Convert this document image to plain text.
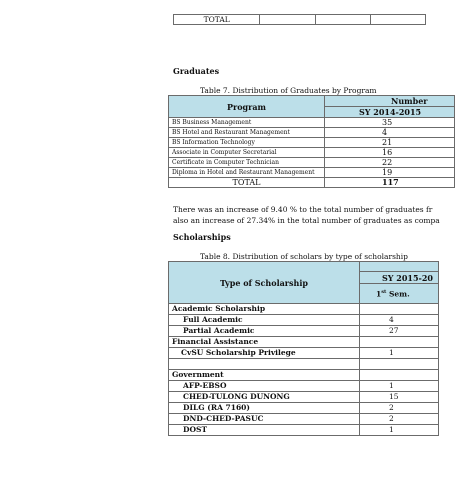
TOTAL			
Graduates
Table 7. Distribution of Graduates by Program
Program	Number
	SY 2014-2015
BS Business Management	35
BS Hotel and Restaurant Management	4
BS Information Technology	21
Associate in Computer Secretarial	16
Certificate in Computer Technician	22
Diploma in Hotel and Restaurant Management	19
TOTAL	117
There was an increase of 9.40 % to the total number of graduates fr
also an increase of 27.34% in the total number of graduates as compa
Scholarships
Table 8. Distribution of scholars by type of scholarship
Type of Scholarship	
	SY 2015-20
	1st Sem.
Academic Scholarship	
Full Academic	4
Partial Academic	27
Financial Assistance	
CvSU Scholarship Privilege	1

Government	
AFP-EBSO	1
CHED-TULONG DUNONG	15
DILG (RA 7160)	2
DND-CHED-PASUC	2
DOST	1
